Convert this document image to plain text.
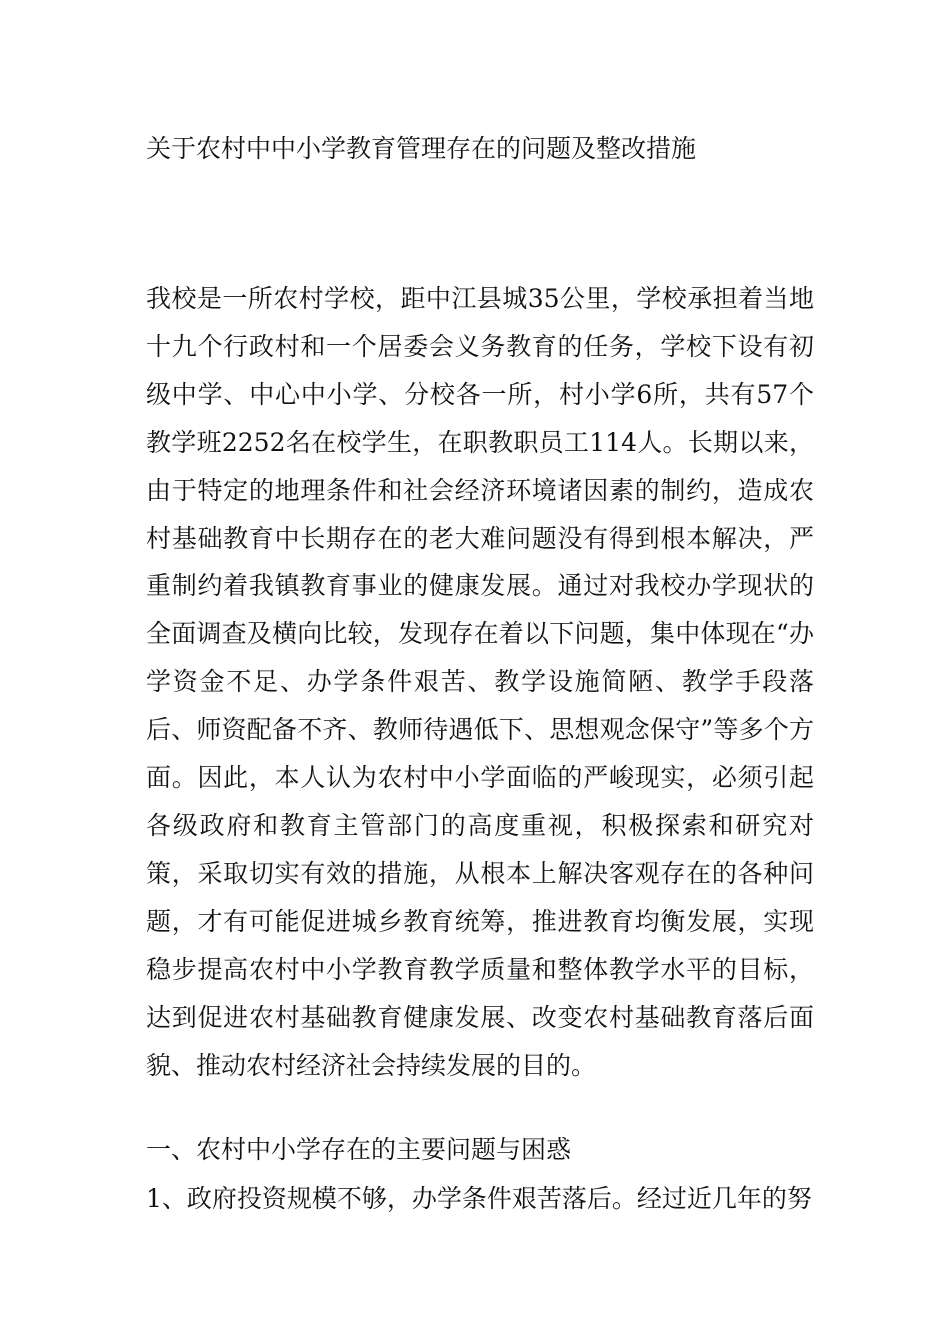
关于农村中中小学教育管理存在的问题及整改措施

我校是一所农村学校，距中江县城35公里，学校承担着当地十九个行政村和一个居委会义务教育的任务，学校下设有初级中学、中心中小学、分校各一所，村小学6所，共有57个教学班2252名在校学生，在职教职员工114人。长期以来，由于特定的地理条件和社会经济环境诸因素的制约，造成农村基础教育中长期存在的老大难问题没有得到根本解决，严重制约着我镇教育事业的健康发展。通过对我校办学现状的全面调查及横向比较，发现存在着以下问题，集中体现在“办学资金不足、办学条件艰苦、教学设施简陋、教学手段落后、师资配备不齐、教师待遇低下、思想观念保守”等多个方面。因此，本人认为农村中小学面临的严峻现实，必须引起各级政府和教育主管部门的高度重视，积极探索和研究对策，采取切实有效的措施，从根本上解决客观存在的各种问题，才有可能促进城乡教育统筹，推进教育均衡发展，实现稳步提高农村中小学教育教学质量和整体教学水平的目标，达到促进农村基础教育健康发展、改变农村基础教育落后面貌、推动农村经济社会持续发展的目的。

一、农村中小学存在的主要问题与困惑
1、政府投资规模不够，办学条件艰苦落后。经过近几年的努
